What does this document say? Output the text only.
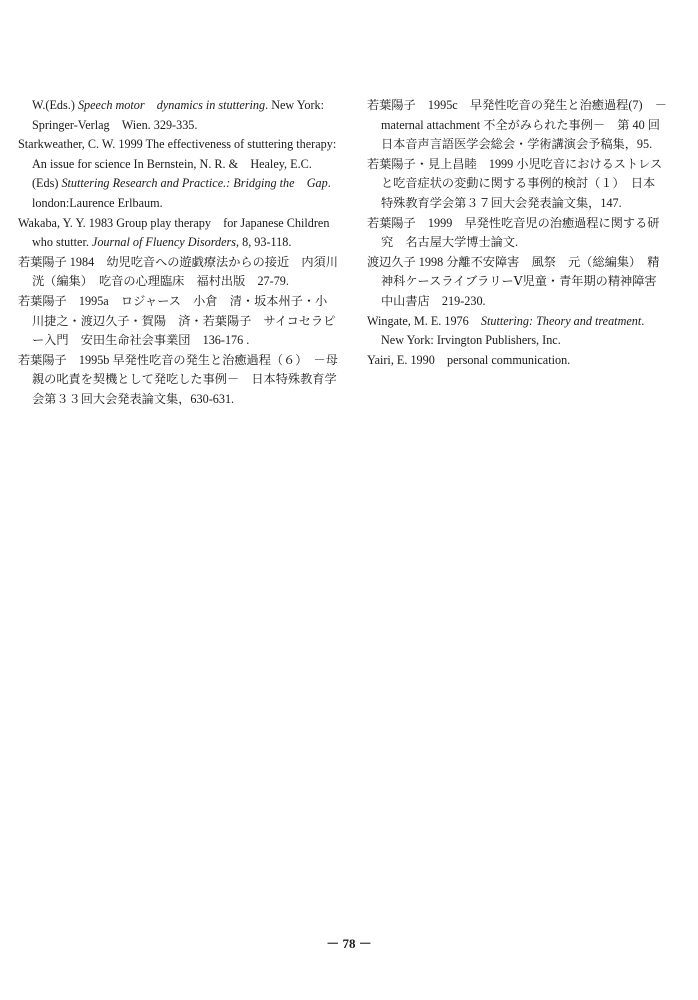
W.(Eds.) Speech motor　dynamics in stuttering. New York: Springer-Verlag　Wien. 329-335.
Starkweather, C. W. 1999 The effectiveness of stuttering therapy: An issue for science In Bernstein, N. R. &　Healey, E.C.(Eds) Stuttering Research and Practice.: Bridging the　Gap. london:Laurence Erlbaum.
Wakaba, Y. Y. 1983 Group play therapy　for Japanese Children who stutter. Journal of Fluency Disorders, 8, 93-118.
若葉陽子 1984　幼児吃音への遊戯療法からの接近　内須川　洸（編集）　吃音の心理臨床　福村出版　27-79.
若葉陽子　1995a　ロジャース　小倉　清・坂本州子・小川捷之・渡辺久子・賀陽　済・若葉陽子　サイコセラピー入門　安田生命社会事業団　136-176 .
若葉陽子　1995b 早発性吃音の発生と治癒過程（６）　－母親の叱責を契機として発吃した事例－　日本特殊教育学会第３３回大会発表論文集，630-631.
若葉陽子　1995c　早発性吃音の発生と治癒過程(7)　－maternal attachment 不全がみられた事例－　第 40 回日本音声言語医学会総会・学術講演会予稿集，95.
若葉陽子・見上昌睦　1999 小児吃音におけるストレスと吃音症状の変動に関する事例的検討（１）　日本特殊教育学会第３７回大会発表論文集，147.
若葉陽子　1999　早発性吃音児の治癒過程に関する研究　名古屋大学博士論文.
渡辺久子 1998 分離不安障害　風祭　元（総編集）　精神科ケースライブラリーⅤ児童・青年期の精神障害　中山書店　219-230.
Wingate, M. E. 1976　Stuttering: Theory and treatment. New York: Irvington Publishers, Inc.
Yairi, E. 1990　personal communication.
－ 78 －
